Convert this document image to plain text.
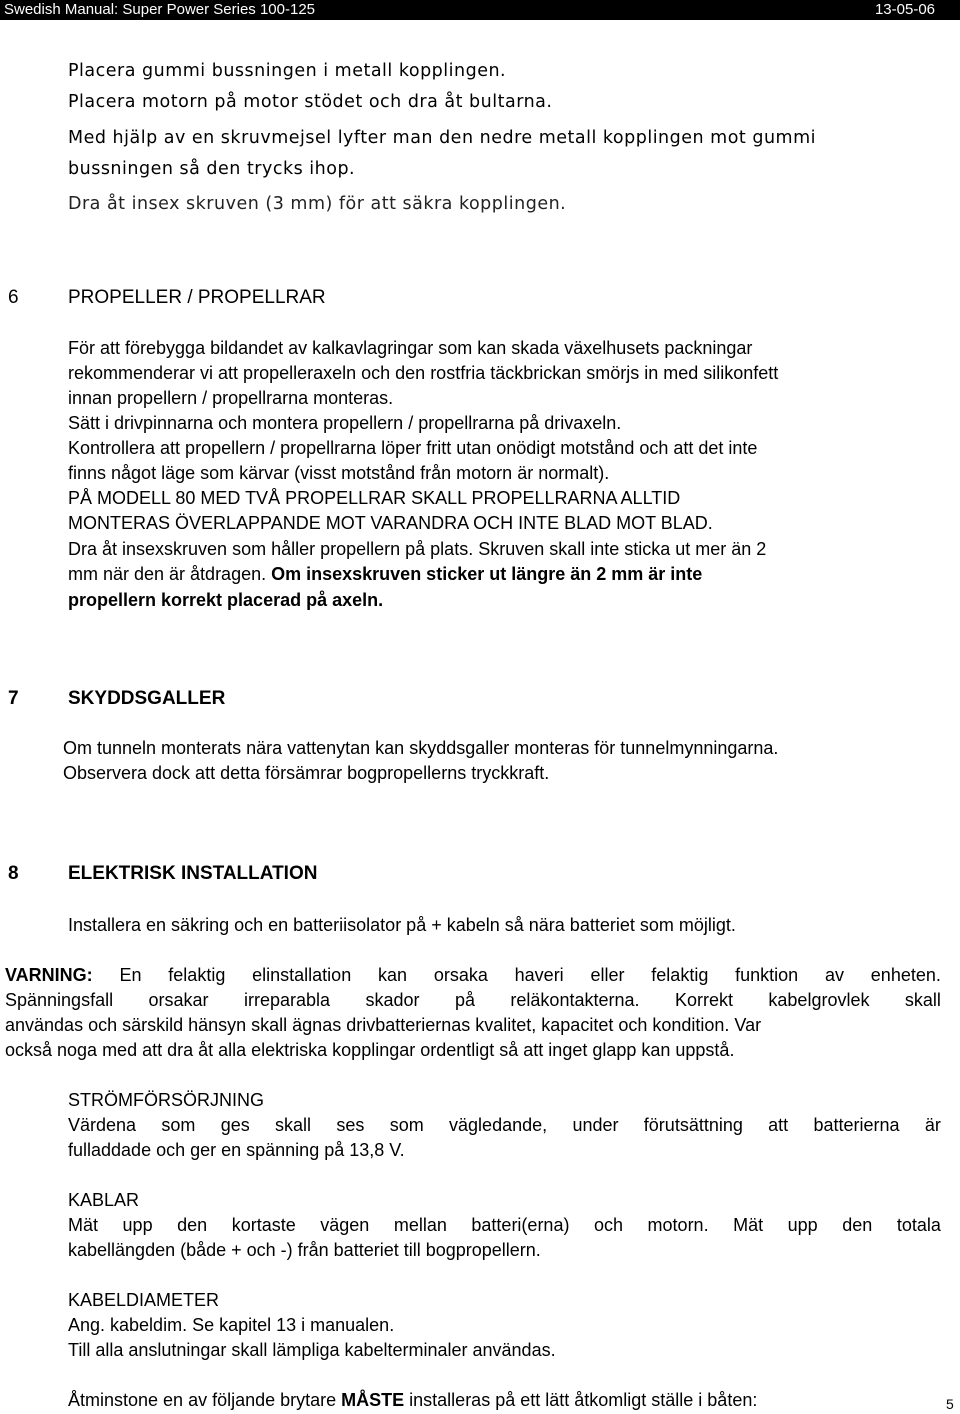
Swedish Manual: Super Power Series 100-125	13-05-06
Placera gummi bussningen i metall kopplingen.
Placera motorn på motor stödet och dra åt bultarna.
Med hjälp av en skruvmejsel lyfter man den nedre metall kopplingen mot gummi
bussningen så den trycks ihop.
Dra åt insex skruven (3 mm) för att säkra kopplingen.
6	PROPELLER / PROPELLRAR
För att förebygga bildandet av kalkavlagringar som kan skada växelhusets packningar
rekommenderar vi att propelleraxeln och den rostfria täckbrickan smörjs in med silikonfett
innan propellern / propellrarna monteras.
Sätt i drivpinnarna och montera propellern / propellrarna på drivaxeln.
Kontrollera att propellern / propellrarna löper fritt utan onödigt motstånd och att det inte
finns något läge som kärvar (visst motstånd från motorn är normalt).
PÅ MODELL 80 MED TVÅ PROPELLRAR SKALL PROPELLRARNA ALLTID
MONTERAS ÖVERLAPPANDE MOT VARANDRA OCH INTE BLAD MOT BLAD.
Dra åt insexskruven som håller propellern på plats. Skruven skall inte sticka ut mer än 2
mm när den är åtdragen. Om insexskruven sticker ut längre än 2 mm är inte
propellern korrekt placerad på axeln.
7	SKYDDSGALLER
Om tunneln monterats nära vattenytan kan skyddsgaller monteras för tunnelmynningarna.
Observera dock att detta försämrar bogpropellerns tryckkraft.
8	ELEKTRISK INSTALLATION
Installera en säkring och en batteriisolator på + kabeln så nära batteriet som möjligt.
VARNING: En felaktig elinstallation kan orsaka haveri eller felaktig funktion av enheten.
Spänningsfall orsakar irreparabla skador på reläkontakterna. Korrekt kabelgrovlek skall
användas och särskild hänsyn skall ägnas drivbatteriernas kvalitet, kapacitet och kondition. Var
också noga med att dra åt alla elektriska kopplingar ordentligt så att inget glapp kan uppstå.
STRÖMFÖRSÖRJNING
Värdena som ges skall ses som vägledande, under förutsättning att batterierna är
fulladdade och ger en spänning på 13,8 V.
KABLAR
Mät upp den kortaste vägen mellan batteri(erna) och motorn. Mät upp den totala
kabellängden (både + och -) från batteriet till bogpropellern.
KABELDIAMETER
Ang. kabeldim. Se kapitel 13 i manualen.
Till alla anslutningar skall lämpliga kabelterminaler användas.
Åtminstone en av följande brytare MÅSTE installeras på ett lätt åtkomligt ställe i båten:	5
